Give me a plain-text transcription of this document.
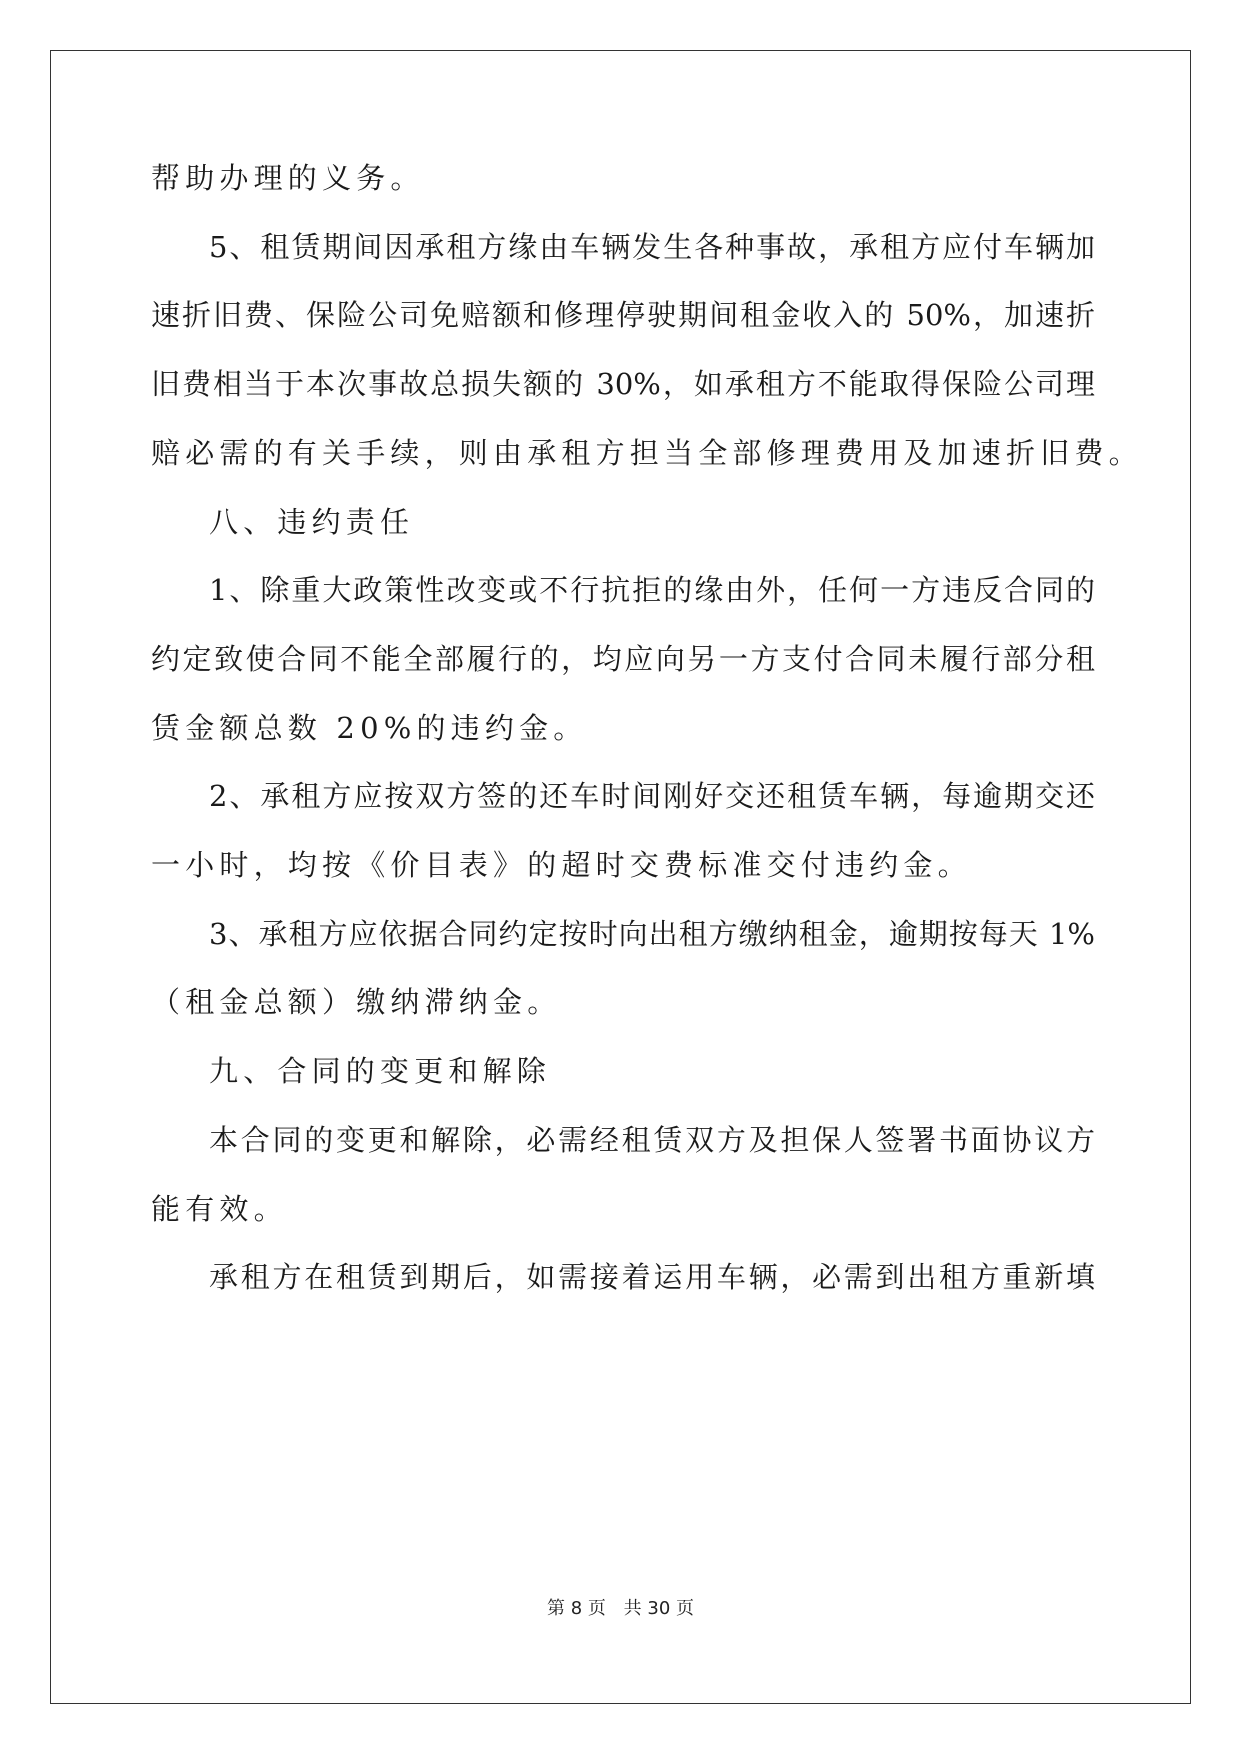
帮助办理的义务。
5、租赁期间因承租方缘由车辆发生各种事故，承租方应付车辆加
速折旧费、保险公司免赔额和修理停驶期间租金收入的 50%，加速折
旧费相当于本次事故总损失额的 30%，如承租方不能取得保险公司理
赔必需的有关手续，则由承租方担当全部修理费用及加速折旧费。
八、违约责任
1、除重大政策性改变或不行抗拒的缘由外，任何一方违反合同的
约定致使合同不能全部履行的，均应向另一方支付合同未履行部分租
赁金额总数 20%的违约金。
2、承租方应按双方签的还车时间刚好交还租赁车辆，每逾期交还
一小时，均按《价目表》的超时交费标准交付违约金。
3、承租方应依据合同约定按时向出租方缴纳租金，逾期按每天 1%
（租金总额）缴纳滞纳金。
九、合同的变更和解除
本合同的变更和解除，必需经租赁双方及担保人签署书面协议方
能有效。
承租方在租赁到期后，如需接着运用车辆，必需到出租方重新填
第 8 页 共 30 页
